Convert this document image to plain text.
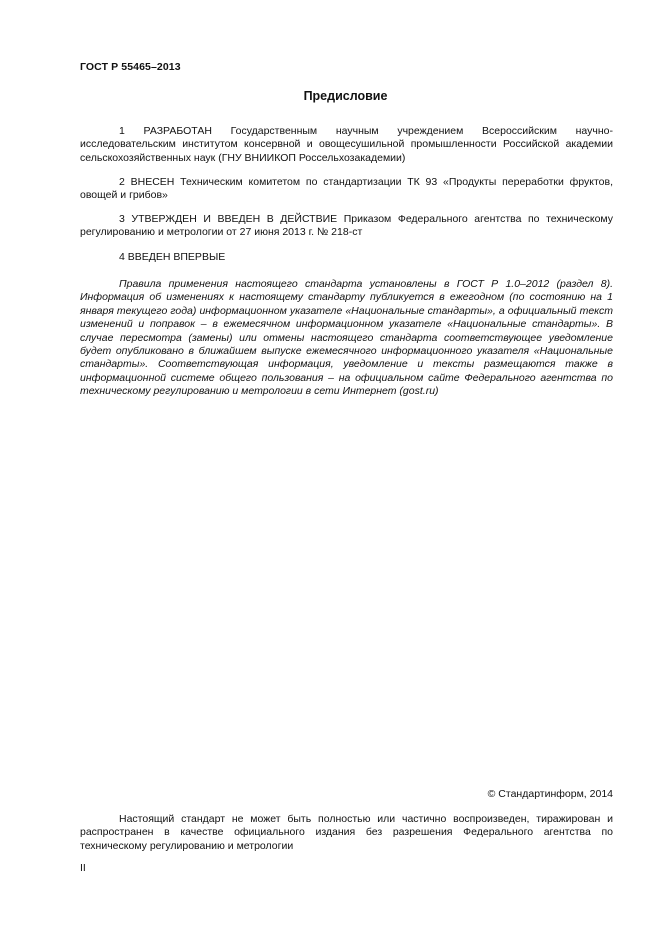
ГОСТ Р 55465–2013
Предисловие
1 РАЗРАБОТАН Государственным научным учреждением Всероссийским научно-исследовательским институтом консервной и овощесушильной промышленности Российской академии сельскохозяйственных наук (ГНУ ВНИИКОП Россельхозакадемии)
2 ВНЕСЕН Техническим комитетом по стандартизации ТК 93 «Продукты переработки фруктов, овощей и грибов»
3 УТВЕРЖДЕН И ВВЕДЕН В ДЕЙСТВИЕ Приказом Федерального агентства по техническому регулированию и метрологии от 27 июня 2013 г. № 218-ст
4 ВВЕДЕН ВПЕРВЫЕ
Правила применения настоящего стандарта установлены в ГОСТ Р 1.0–2012 (раздел 8). Информация об изменениях к настоящему стандарту публикуется в ежегодном (по состоянию на 1 января текущего года) информационном указателе «Национальные стандарты», а официальный текст изменений и поправок – в ежемесячном информационном указателе «Национальные стандарты». В случае пересмотра (замены) или отмены настоящего стандарта соответствующее уведомление будет опубликовано в ближайшем выпуске ежемесячного информационного указателя «Национальные стандарты». Соответствующая информация, уведомление и тексты размещаются также в информационной системе общего пользования – на официальном сайте Федерального агентства по техническому регулированию и метрологии в сети Интернет (gost.ru)
© Стандартинформ, 2014
Настоящий стандарт не может быть полностью или частично воспроизведен, тиражирован и распространен в качестве официального издания без разрешения Федерального агентства по техническому регулированию и метрологии
II
